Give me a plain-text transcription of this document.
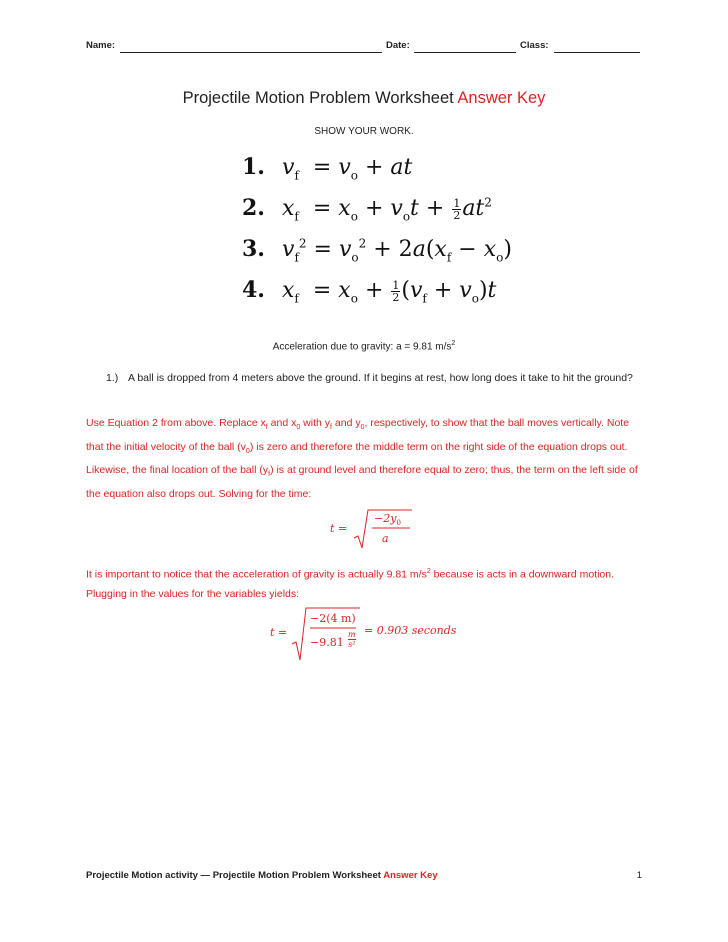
Name:	Date:	Class:
Projectile Motion Problem Worksheet Answer Key
SHOW YOUR WORK.
1. $v_f = v_o$ + at
2. $x_f = x_o + v_ot + \frac{1}{2} at^2$
3. $v_f^2 = v_o^2 + 2a(x_f - x_o)$
4. $x_f = x_o + \frac{1}{2} (v_f + v_o)t$
Acceleration due to gravity: a = 9.81 $m/s^2$
1.) A ball is dropped from 4 meters above the ground. If it begins at rest, how long does it take to hit the ground?
Use Equation 2 from above. Replace $x_f$ and $x_0$ with $y_f$ and $y_0$, respectively, to show that the ball moves vertically. Note that the initial velocity of the ball $(v_0)$ is zero and therefore the middle term on the right side of the equation drops out. Likewise, the final location of the ball $(y_f)$ is at ground level and therefore equal to zero; thus, the term on the left side of the equation also drops out. Solving for the time:
t =
$-2y_0$
a
It is important to notice that the acceleration of gravity is actually 9.81 $m/s^2$ because is acts in a downward motion. Plugging in the values for the variables yields:
t =
−2(4 m)
−9.81
m
s²
= 0.903 seconds
Projectile Motion activity — Projectile Motion Problem Worksheet Answer Key	1
